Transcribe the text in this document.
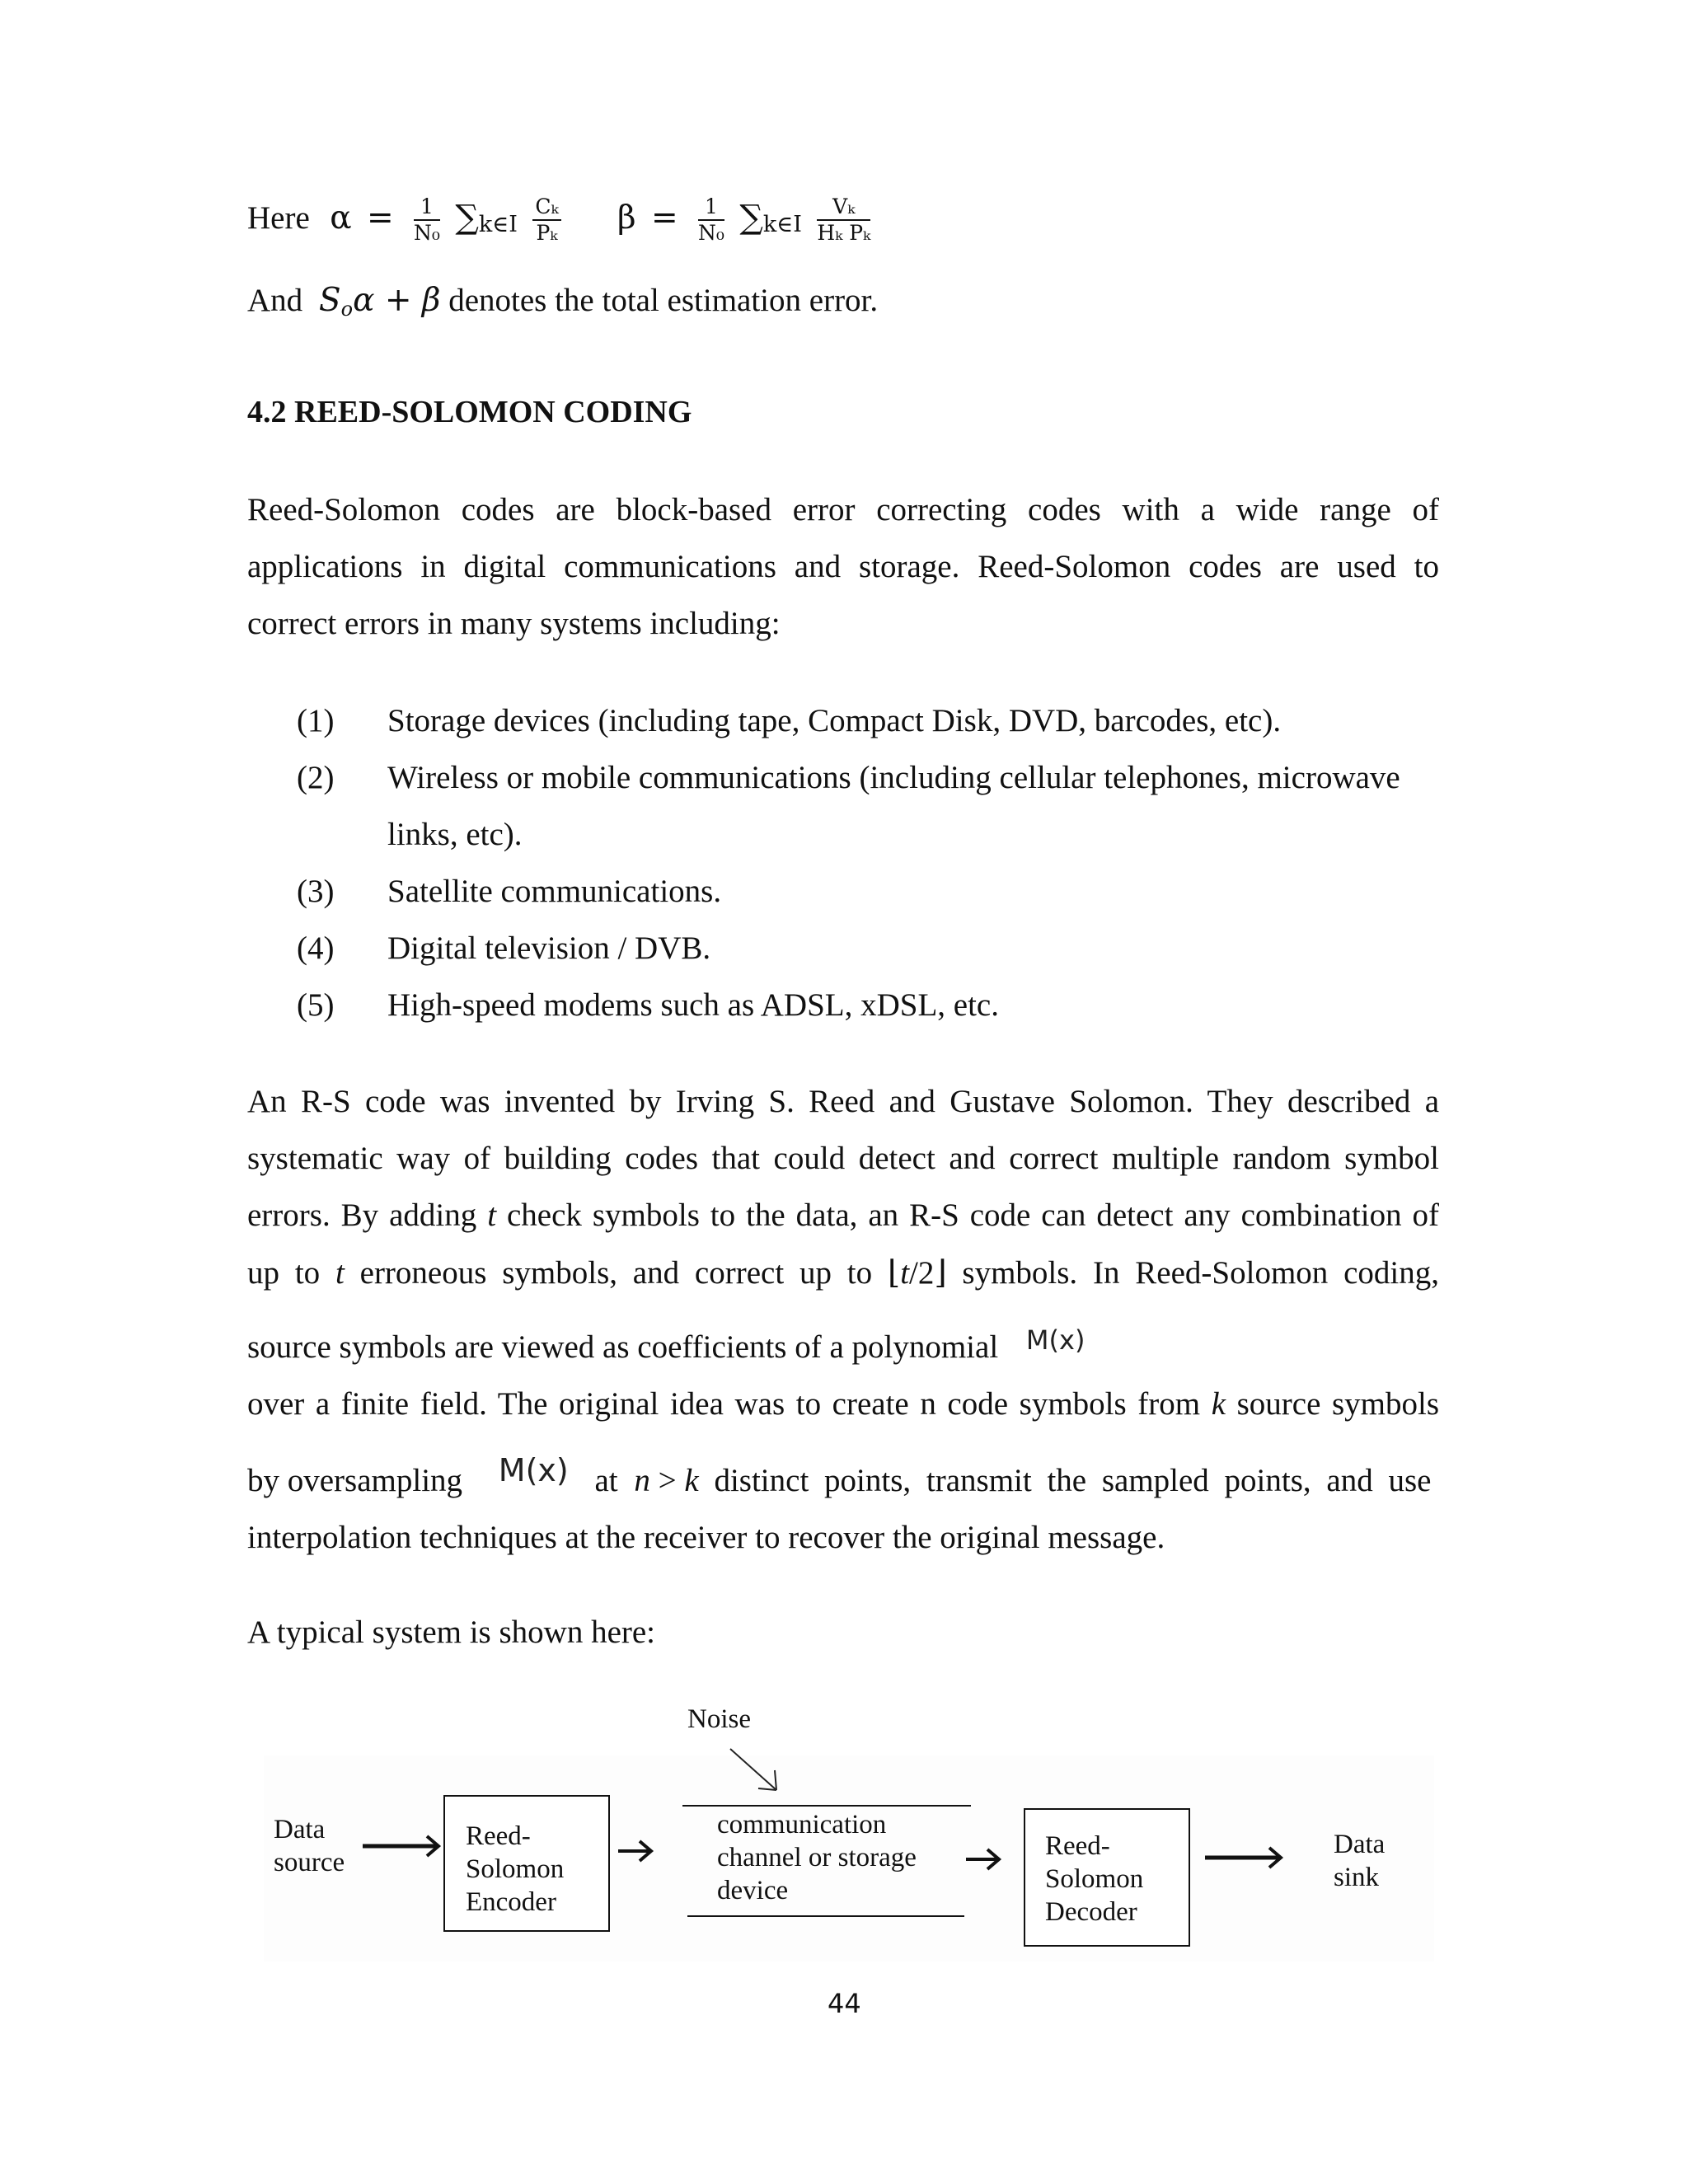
Here $\alpha = \frac{1}{\text{N₀}}$ ∑k∈I $\frac{\text{Cₖ}}{\text{Pₖ}}$ $\beta = \frac{1}{\text{N₀}}$ ∑k∈I $\frac{\text{Vₖ}}{\text{Hₖ Pₖ}}$
And $S_o\alpha + \beta$ denotes the total estimation error.
4.2 REED-SOLOMON CODING
Reed-Solomon codes are block-based error correcting codes with a wide range of
applications in digital communications and storage. Reed-Solomon codes are used to
correct errors in many systems including:
(1) Storage devices (including tape, Compact Disk, DVD, barcodes, etc).
(2) Wireless or mobile communications (including cellular telephones, microwave
links, etc).
(3) Satellite communications.
(4) Digital television / DVB.
(5) High-speed modems such as ADSL, xDSL, etc.
An R-S code was invented by Irving S. Reed and Gustave Solomon. They described a
systematic way of building codes that could detect and correct multiple random symbol
errors. By adding t check symbols to the data, an R-S code can detect any combination of
up to t erroneous symbols, and correct up to ⌊t/2⌋ symbols. In Reed-Solomon coding,
source symbols are viewed as coefficients of a polynomial $^{M(x)}$
over a finite field. The original idea was to create n code symbols from k source symbols
by oversampling M(x) at n > k distinct points, transmit the sampled points, and use
interpolation techniques at the receiver to recover the original message.
A typical system is shown here:
Noise
Data
source
Reed-
Solomon
Encoder
communication
channel or storage
device
Reed-
Solomon
Decoder
Data
sink
44
